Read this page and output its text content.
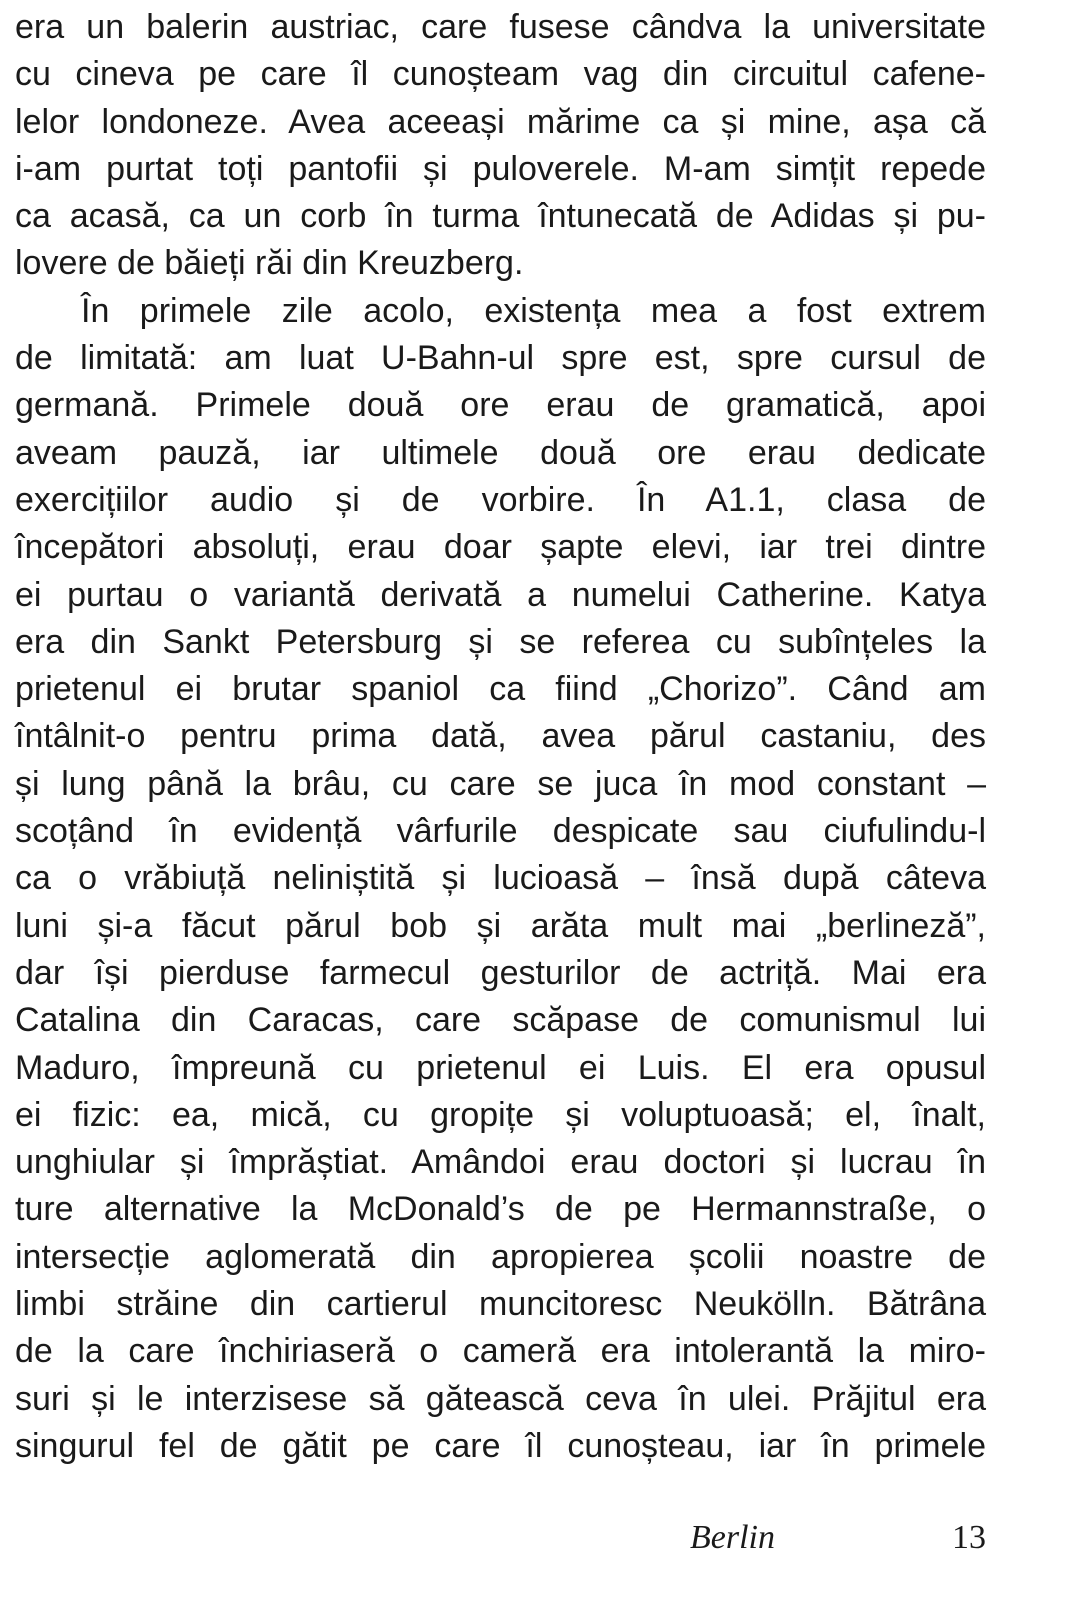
era un balerin austriac, care fusese cândva la universitate
cu cineva pe care îl cunoșteam vag din circuitul cafene-
lelor londoneze. Avea aceeași mărime ca și mine, așa că
i-am purtat toți pantofii și puloverele. M-am simțit repede
ca acasă, ca un corb în turma întunecată de Adidas și pu-
lovere de băieți răi din Kreuzberg.
În primele zile acolo, existența mea a fost extrem
de limitată: am luat U-Bahn-ul spre est, spre cursul de
germană. Primele două ore erau de gramatică, apoi
aveam pauză, iar ultimele două ore erau dedicate
exercițiilor audio și de vorbire. În A1.1, clasa de
începători absoluți, erau doar șapte elevi, iar trei dintre
ei purtau o variantă derivată a numelui Catherine. Katya
era din Sankt Petersburg și se referea cu subînțeles la
prietenul ei brutar spaniol ca fiind „Chorizo”. Când am
întâlnit-o pentru prima dată, avea părul castaniu, des
și lung până la brâu, cu care se juca în mod constant –
scoțând în evidență vârfurile despicate sau ciufulindu-l
ca o vrăbiuță neliniștită și lucioasă – însă după câteva
luni și-a făcut părul bob și arăta mult mai „berlineză”,
dar își pierduse farmecul gesturilor de actriță. Mai era
Catalina din Caracas, care scăpase de comunismul lui
Maduro, împreună cu prietenul ei Luis. El era opusul
ei fizic: ea, mică, cu gropițe și voluptuoasă; el, înalt,
unghiular și împrăștiat. Amândoi erau doctori și lucrau în
ture alternative la McDonald’s de pe Hermannstraße, o
intersecție aglomerată din apropierea școlii noastre de
limbi străine din cartierul muncitoresc Neukölln. Bătrâna
de la care închiriaseră o cameră era intolerantă la miro-
suri și le interzisese să gătească ceva în ulei. Prăjitul era
singurul fel de gătit pe care îl cunoșteau, iar în primele
Berlin	13
